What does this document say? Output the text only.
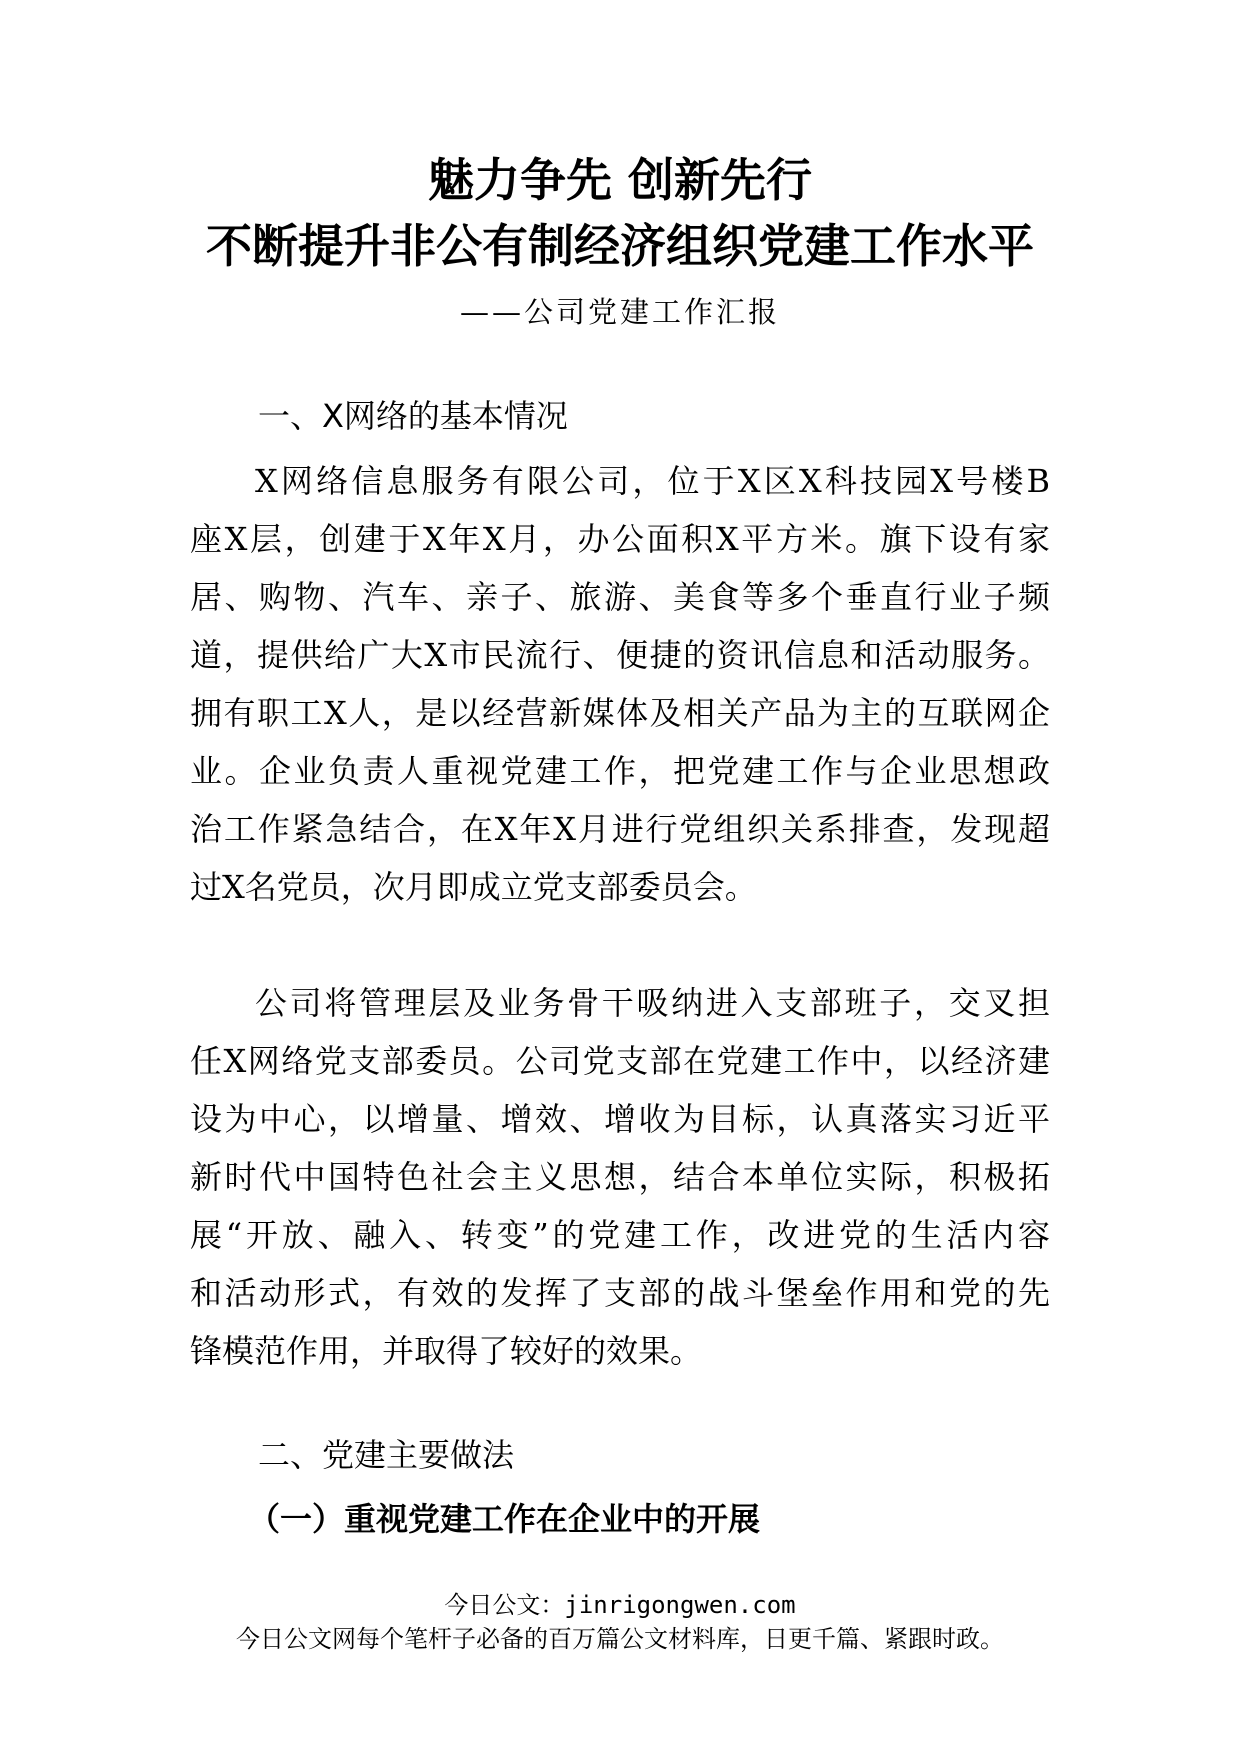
魅力争先 创新先行
不断提升非公有制经济组织党建工作水平
——公司党建工作汇报
一、X网络的基本情况
X网络信息服务有限公司，位于X区X科技园X号楼B
座X层，创建于X年X月，办公面积X平方米。旗下设有家
居、购物、汽车、亲子、旅游、美食等多个垂直行业子频
道，提供给广大X市民流行、便捷的资讯信息和活动服务。
拥有职工X人，是以经营新媒体及相关产品为主的互联网企
业。企业负责人重视党建工作，把党建工作与企业思想政
治工作紧急结合，在X年X月进行党组织关系排查，发现超
过X名党员，次月即成立党支部委员会。
公司将管理层及业务骨干吸纳进入支部班子，交叉担
任X网络党支部委员。公司党支部在党建工作中，以经济建
设为中心，以增量、增效、增收为目标，认真落实习近平
新时代中国特色社会主义思想，结合本单位实际，积极拓
展“开放、融入、转变”的党建工作，改进党的生活内容
和活动形式，有效的发挥了支部的战斗堡垒作用和党的先
锋模范作用，并取得了较好的效果。
二、党建主要做法
（一）重视党建工作在企业中的开展
今日公文：jinrigongwen.com
今日公文网每个笔杆子必备的百万篇公文材料库，日更千篇、紧跟时政。
